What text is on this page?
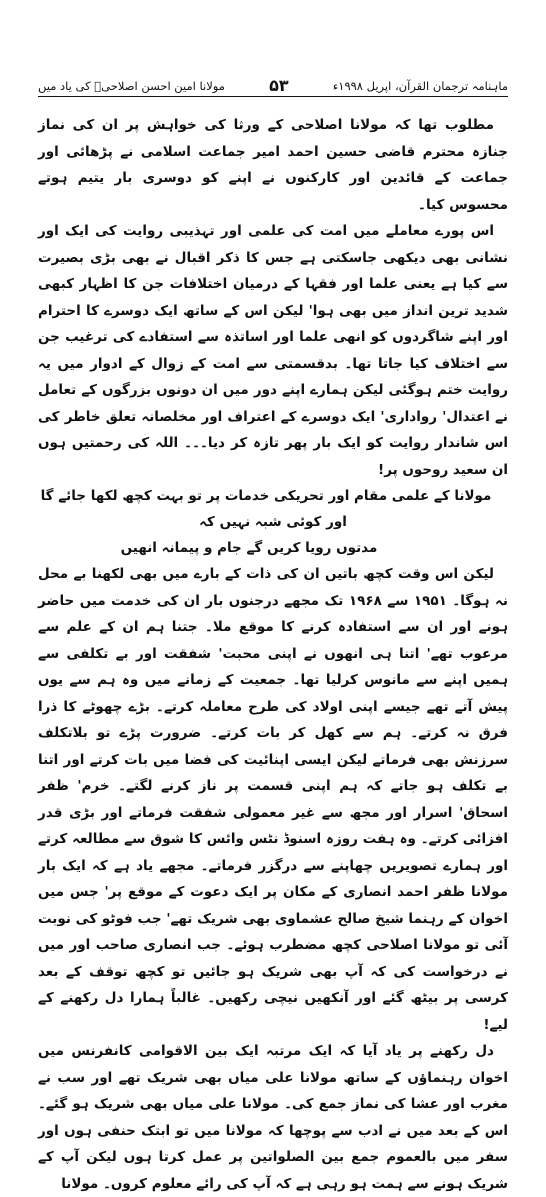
ماہنامہ ترجمان القرآن، اپریل ۱۹۹۸ء
۵۳
مولانا امین احسن اصلاحیؒ کی یاد میں

مطلوب تھا کہ مولانا اصلاحی کے ورثا کی خواہش پر ان کی نماز جنازہ محترم قاضی حسین احمد امیر جماعت اسلامی نے پڑھائی اور جماعت کے قائدین اور کارکنوں نے اپنے کو دوسری بار یتیم ہوتے محسوس کیا۔

اس پورے معاملے میں امت کی علمی اور تہذیبی روایت کی ایک اور نشانی بھی دیکھی جاسکتی ہے جس کا ذکر اقبال نے بھی بڑی بصیرت سے کیا ہے یعنی علما اور فقہا کے درمیان اختلافات جن کا اظہار کبھی شدید ترین انداز میں بھی ہوا' لیکن اس کے ساتھ ایک دوسرے کا احترام اور اپنے شاگردوں کو انھی علما اور اساتذہ سے استفادے کی ترغیب جن سے اختلاف کیا جاتا تھا۔ بدقسمتی سے امت کے زوال کے ادوار میں یہ روایت ختم ہوگئی لیکن ہمارے اپنے دور میں ان دونوں بزرگوں کے تعامل نے اعتدال' رواداری' ایک دوسرے کے اعتراف اور مخلصانہ تعلق خاطر کی اس شاندار روایت کو ایک بار پھر تازہ کر دیا۔۔۔ اللہ کی رحمتیں ہوں ان سعید روحوں پر!

مولانا کے علمی مقام اور تحریکی خدمات پر تو بہت کچھ لکھا جائے گا اور کوئی شبہ نہیں کہ

مدتوں رویا کریں گے جام و پیمانہ انھیں

لیکن اس وقت کچھ باتیں ان کی ذات کے بارے میں بھی لکھنا بے محل نہ ہوگا۔ ۱۹۵۱ سے ۱۹۶۸ تک مجھے درجنوں بار ان کی خدمت میں حاضر ہونے اور ان سے استفادہ کرنے کا موقع ملا۔ جتنا ہم ان کے علم سے مرعوب تھے' اتنا ہی انھوں نے اپنی محبت' شفقت اور بے تکلفی سے ہمیں اپنے سے مانوس کرلیا تھا۔ جمعیت کے زمانے میں وہ ہم سے یوں پیش آتے تھے جیسے اپنی اولاد کی طرح معاملہ کرتے۔ بڑے چھوٹے کا ذرا فرق نہ کرتے۔ ہم سے کھل کر بات کرتے۔ ضرورت پڑے تو بلاتکلف سرزنش بھی فرماتے لیکن ایسی اپنائیت کی فضا میں بات کرتے اور اتنا بے تکلف ہو جاتے کہ ہم اپنی قسمت پر ناز کرنے لگتے۔ خرم' ظفر اسحاق' اسرار اور مجھ سے غیر معمولی شفقت فرماتے اور بڑی قدر افزائی کرتے۔ وہ ہفت روزہ اسنوڈ نٹس وائس کا شوق سے مطالعہ کرتے اور ہمارے تصویریں چھاپنے سے درگزر فرماتے۔ مجھے یاد ہے کہ ایک بار مولانا ظفر احمد انصاری کے مکان پر ایک دعوت کے موقع پر' جس میں اخوان کے رہنما شیخ صالح عشماوی بھی شریک تھے' جب فوٹو کی نوبت آئی تو مولانا اصلاحی کچھ مضطرب ہوئے۔ جب انصاری صاحب اور میں نے درخواست کی کہ آپ بھی شریک ہو جائیں تو کچھ توقف کے بعد کرسی پر بیٹھ گئے اور آنکھیں نیچی رکھیں۔ غالباً ہمارا دل رکھنے کے لیے!

دل رکھنے پر یاد آیا کہ ایک مرتبہ ایک بین الاقوامی کانفرنس میں اخوان رہنماؤں کے ساتھ مولانا علی میاں بھی شریک تھے اور سب نے مغرب اور عشا کی نماز جمع کی۔ مولانا علی میاں بھی شریک ہو گئے۔ اس کے بعد میں نے ادب سے پوچھا کہ مولانا میں تو ابتک حنفی ہوں اور سفر میں بالعموم جمع بین الصلواتین پر عمل کرتا ہوں لیکن آپ کے شریک ہونے سے ہمت ہو رہی ہے کہ آپ کی رائے معلوم کروں۔ مولانا
